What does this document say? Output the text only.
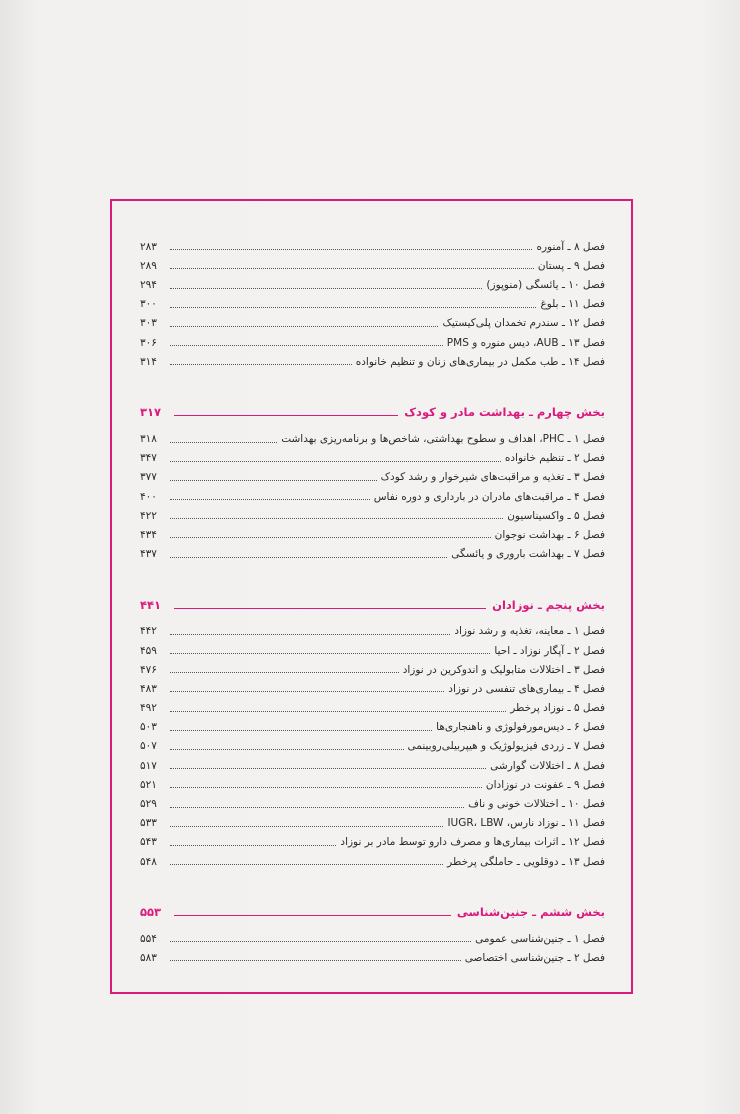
فصل ۸ ـ آمنوره
۲۸۳
فصل ۹ ـ پستان
۲۸۹
فصل ۱۰ ـ یائسگی (منوپوز)
۲۹۴
فصل ۱۱ ـ بلوغ
۳۰۰
فصل ۱۲ ـ سندرم تخمدان پلی‌کیستیک
۳۰۳
فصل ۱۳ ـ AUB، دیس منوره و PMS
۳۰۶
فصل ۱۴ ـ طب مکمل در بیماری‌های زنان و تنظیم خانواده
۳۱۴
بخش چهارم ـ بهداشت مادر و کودک
۳۱۷
فصل ۱ ـ PHC، اهداف و سطوح بهداشتی، شاخص‌ها و برنامه‌ریزی بهداشت
۳۱۸
فصل ۲ ـ تنظیم خانواده
۳۴۷
فصل ۳ ـ تغذیه و مراقبت‌های شیرخوار و رشد کودک
۳۷۷
فصل ۴ ـ مراقبت‌های مادران در بارداری و دوره نفاس
۴۰۰
فصل ۵ ـ واکسیناسیون
۴۲۲
فصل ۶ ـ بهداشت نوجوان
۴۳۴
فصل ۷ ـ بهداشت باروری و یائسگی
۴۳۷
بخش پنجم ـ نوزادان
۴۴۱
فصل ۱ ـ معاینه، تغذیه و رشد نوزاد
۴۴۲
فصل ۲ ـ آپگار نوزاد ـ احیا
۴۵۹
فصل ۳ ـ اختلالات متابولیک و اندوکرین در نوزاد
۴۷۶
فصل ۴ ـ بیماری‌های تنفسی در نوزاد
۴۸۳
فصل ۵ ـ نوزاد پرخطر
۴۹۲
فصل ۶ ـ دیس‌مورفولوژی و ناهنجاری‌ها
۵۰۳
فصل ۷ ـ زردی فیزیولوژیک و هیپربیلی‌روبینمی
۵۰۷
فصل ۸ ـ اختلالات گوارشی
۵۱۷
فصل ۹ ـ عفونت در نوزادان
۵۲۱
فصل ۱۰ ـ اختلالات خونی و ناف
۵۲۹
فصل ۱۱ ـ نوزاد نارس، IUGR، LBW
۵۳۳
فصل ۱۲ ـ اثرات بیماری‌ها و مصرف دارو توسط مادر بر نوزاد
۵۴۳
فصل ۱۳ ـ دوقلویی ـ حاملگی پرخطر
۵۴۸
بخش ششم ـ جنین‌شناسی
۵۵۳
فصل ۱ ـ جنین‌شناسی عمومی
۵۵۴
فصل ۲ ـ جنین‌شناسی اختصاصی
۵۸۳
